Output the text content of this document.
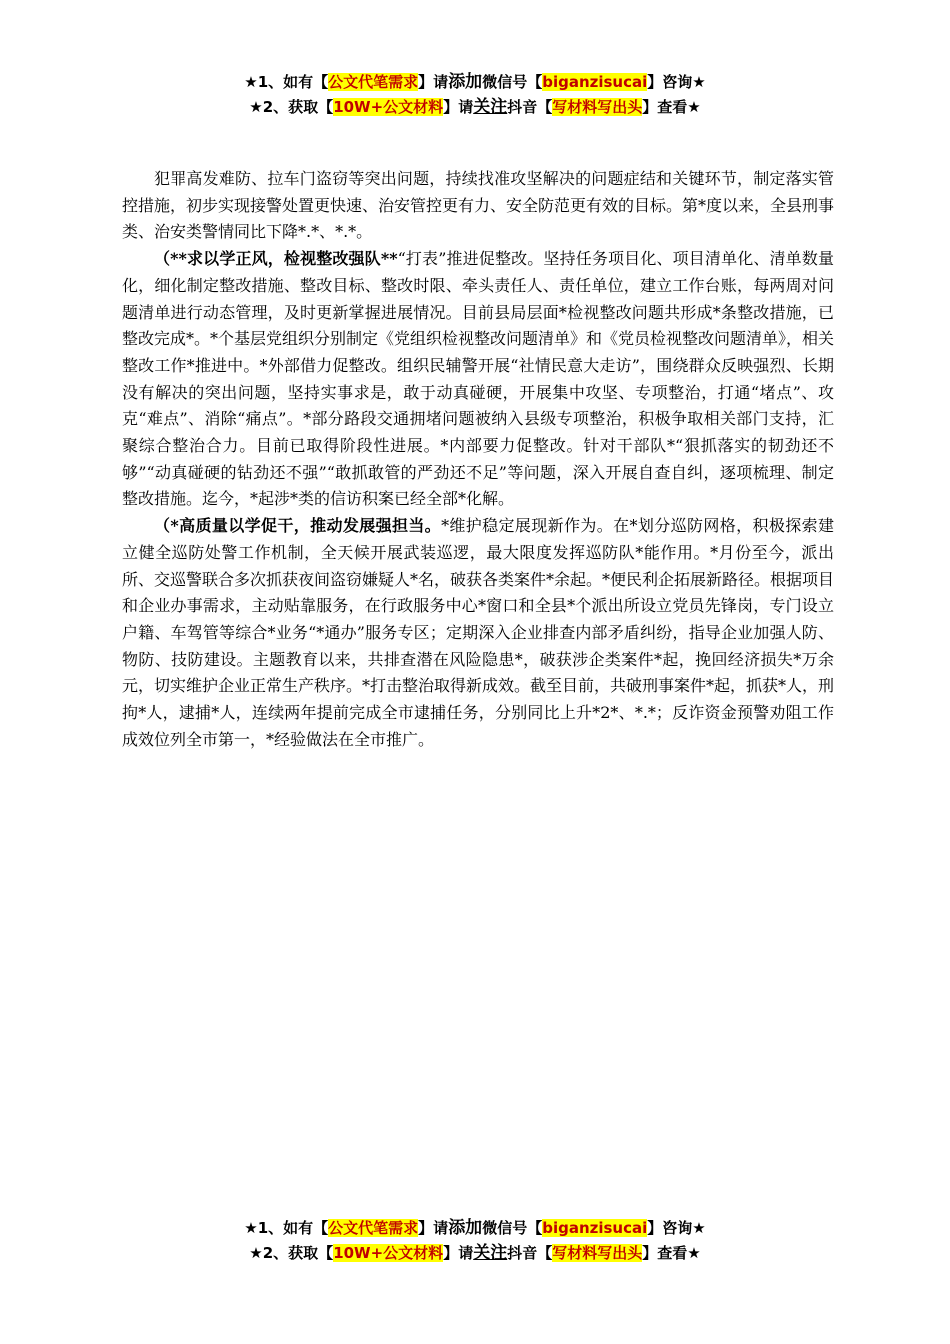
★1、如有【公文代笔需求】请添加微信号【biganzisucai】咨询★
★2、获取【10W+公文材料】请关注抖音【写材料写出头】查看★

犯罪高发难防、拉车门盗窃等突出问题，持续找准攻坚解决的问题症结和关键环节，制定落实管控措施，初步实现接警处置更快速、治安管控更有力、安全防范更有效的目标。第*度以来，全县刑事类、治安类警情同比下降*.*、*.*。

（**求以学正风，检视整改强队**“打表”推进促整改。坚持任务项目化、项目清单化、清单数量化，细化制定整改措施、整改目标、整改时限、牵头责任人、责任单位，建立工作台账，每两周对问题清单进行动态管理，及时更新掌握进展情况。目前县局层面*检视整改问题共形成*条整改措施，已整改完成*。*个基层党组织分别制定《党组织检视整改问题清单》和《党员检视整改问题清单》，相关整改工作*推进中。*外部借力促整改。组织民辅警开展“社情民意大走访”，围绕群众反映强烈、长期没有解决的突出问题，坚持实事求是，敢于动真碰硬，开展集中攻坚、专项整治，打通“堵点”、攻克“难点”、消除“痛点”。*部分路段交通拥堵问题被纳入县级专项整治，积极争取相关部门支持，汇聚综合整治合力。目前已取得阶段性进展。*内部要力促整改。针对干部队*“狠抓落实的韧劲还不够”“动真碰硬的钻劲还不强”“敢抓敢管的严劲还不足”等问题，深入开展自查自纠，逐项梳理、制定整改措施。迄今，*起涉*类的信访积案已经全部*化解。

（*高质量以学促干，推动发展强担当。*维护稳定展现新作为。在*划分巡防网格，积极探索建立健全巡防处警工作机制，全天候开展武装巡逻，最大限度发挥巡防队*能作用。*月份至今，派出所、交巡警联合多次抓获夜间盗窃嫌疑人*名，破获各类案件*余起。*便民利企拓展新路径。根据项目和企业办事需求，主动贴靠服务，在行政服务中心*窗口和全县*个派出所设立党员先锋岗，专门设立户籍、车驾管等综合*业务“*通办”服务专区；定期深入企业排查内部矛盾纠纷，指导企业加强人防、物防、技防建设。主题教育以来，共排查潜在风险隐患*，破获涉企类案件*起，挽回经济损失*万余元，切实维护企业正常生产秩序。*打击整治取得新成效。截至目前，共破刑事案件*起，抓获*人，刑拘*人，逮捕*人，连续两年提前完成全市逮捕任务，分别同比上升*2*、*.*；反诈资金预警劝阻工作成效位列全市第一，*经验做法在全市推广。

★1、如有【公文代笔需求】请添加微信号【biganzisucai】咨询★
★2、获取【10W+公文材料】请关注抖音【写材料写出头】查看★
